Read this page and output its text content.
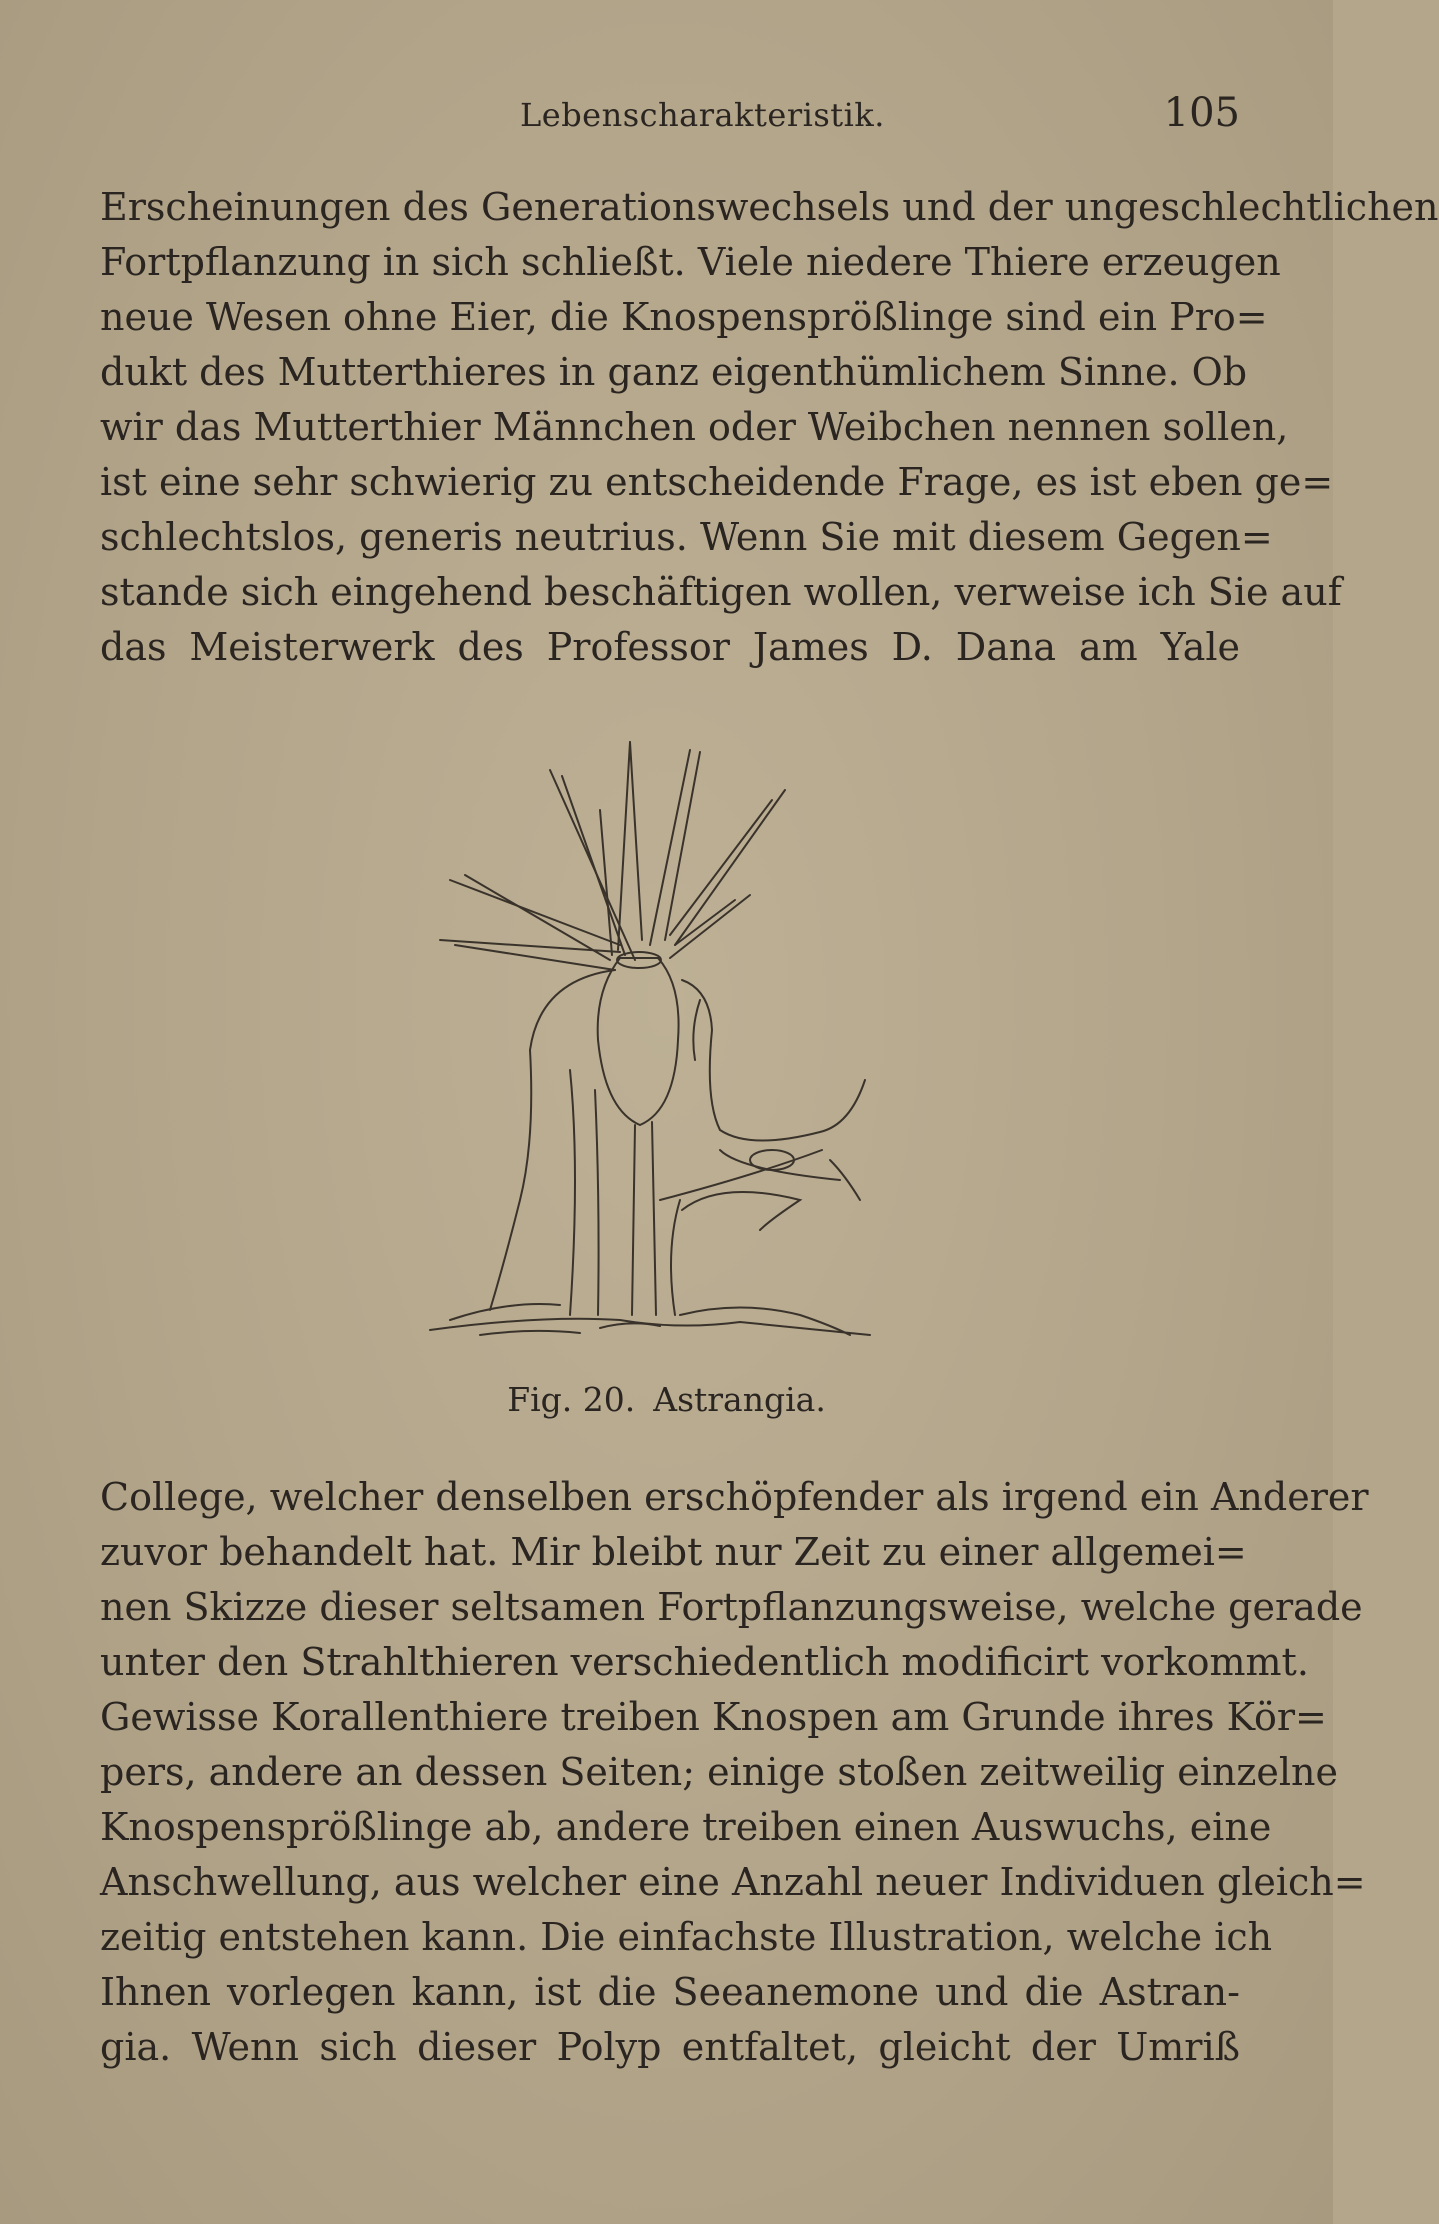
Lebenscharakteristik.	105

Erscheinungen des Generationswechsels und der ungeschlechtlichen
Fortpflanzung in sich schließt. Viele niedere Thiere erzeugen
neue Wesen ohne Eier, die Knospensprößlinge sind ein Pro=
dukt des Mutterthieres in ganz eigenthümlichem Sinne. Ob
wir das Mutterthier Männchen oder Weibchen nennen sollen,
ist eine sehr schwierig zu entscheidende Frage, es ist eben ge=
schlechtslos, generis neutrius. Wenn Sie mit diesem Gegen=
stande sich eingehend beschäftigen wollen, verweise ich Sie auf
das Meisterwerk des Professor James D. Dana am Yale

Fig. 20. Astrangia.

College, welcher denselben erschöpfender als irgend ein Anderer
zuvor behandelt hat. Mir bleibt nur Zeit zu einer allgemei=
nen Skizze dieser seltsamen Fortpflanzungsweise, welche gerade
unter den Strahlthieren verschiedentlich modificirt vorkommt.
Gewisse Korallenthiere treiben Knospen am Grunde ihres Kör=
pers, andere an dessen Seiten; einige stoßen zeitweilig einzelne
Knospensprößlinge ab, andere treiben einen Auswuchs, eine
Anschwellung, aus welcher eine Anzahl neuer Individuen gleich=
zeitig entstehen kann. Die einfachste Illustration, welche ich
Ihnen vorlegen kann, ist die Seeanemone und die Astran-
gia. Wenn sich dieser Polyp entfaltet, gleicht der Umriß
